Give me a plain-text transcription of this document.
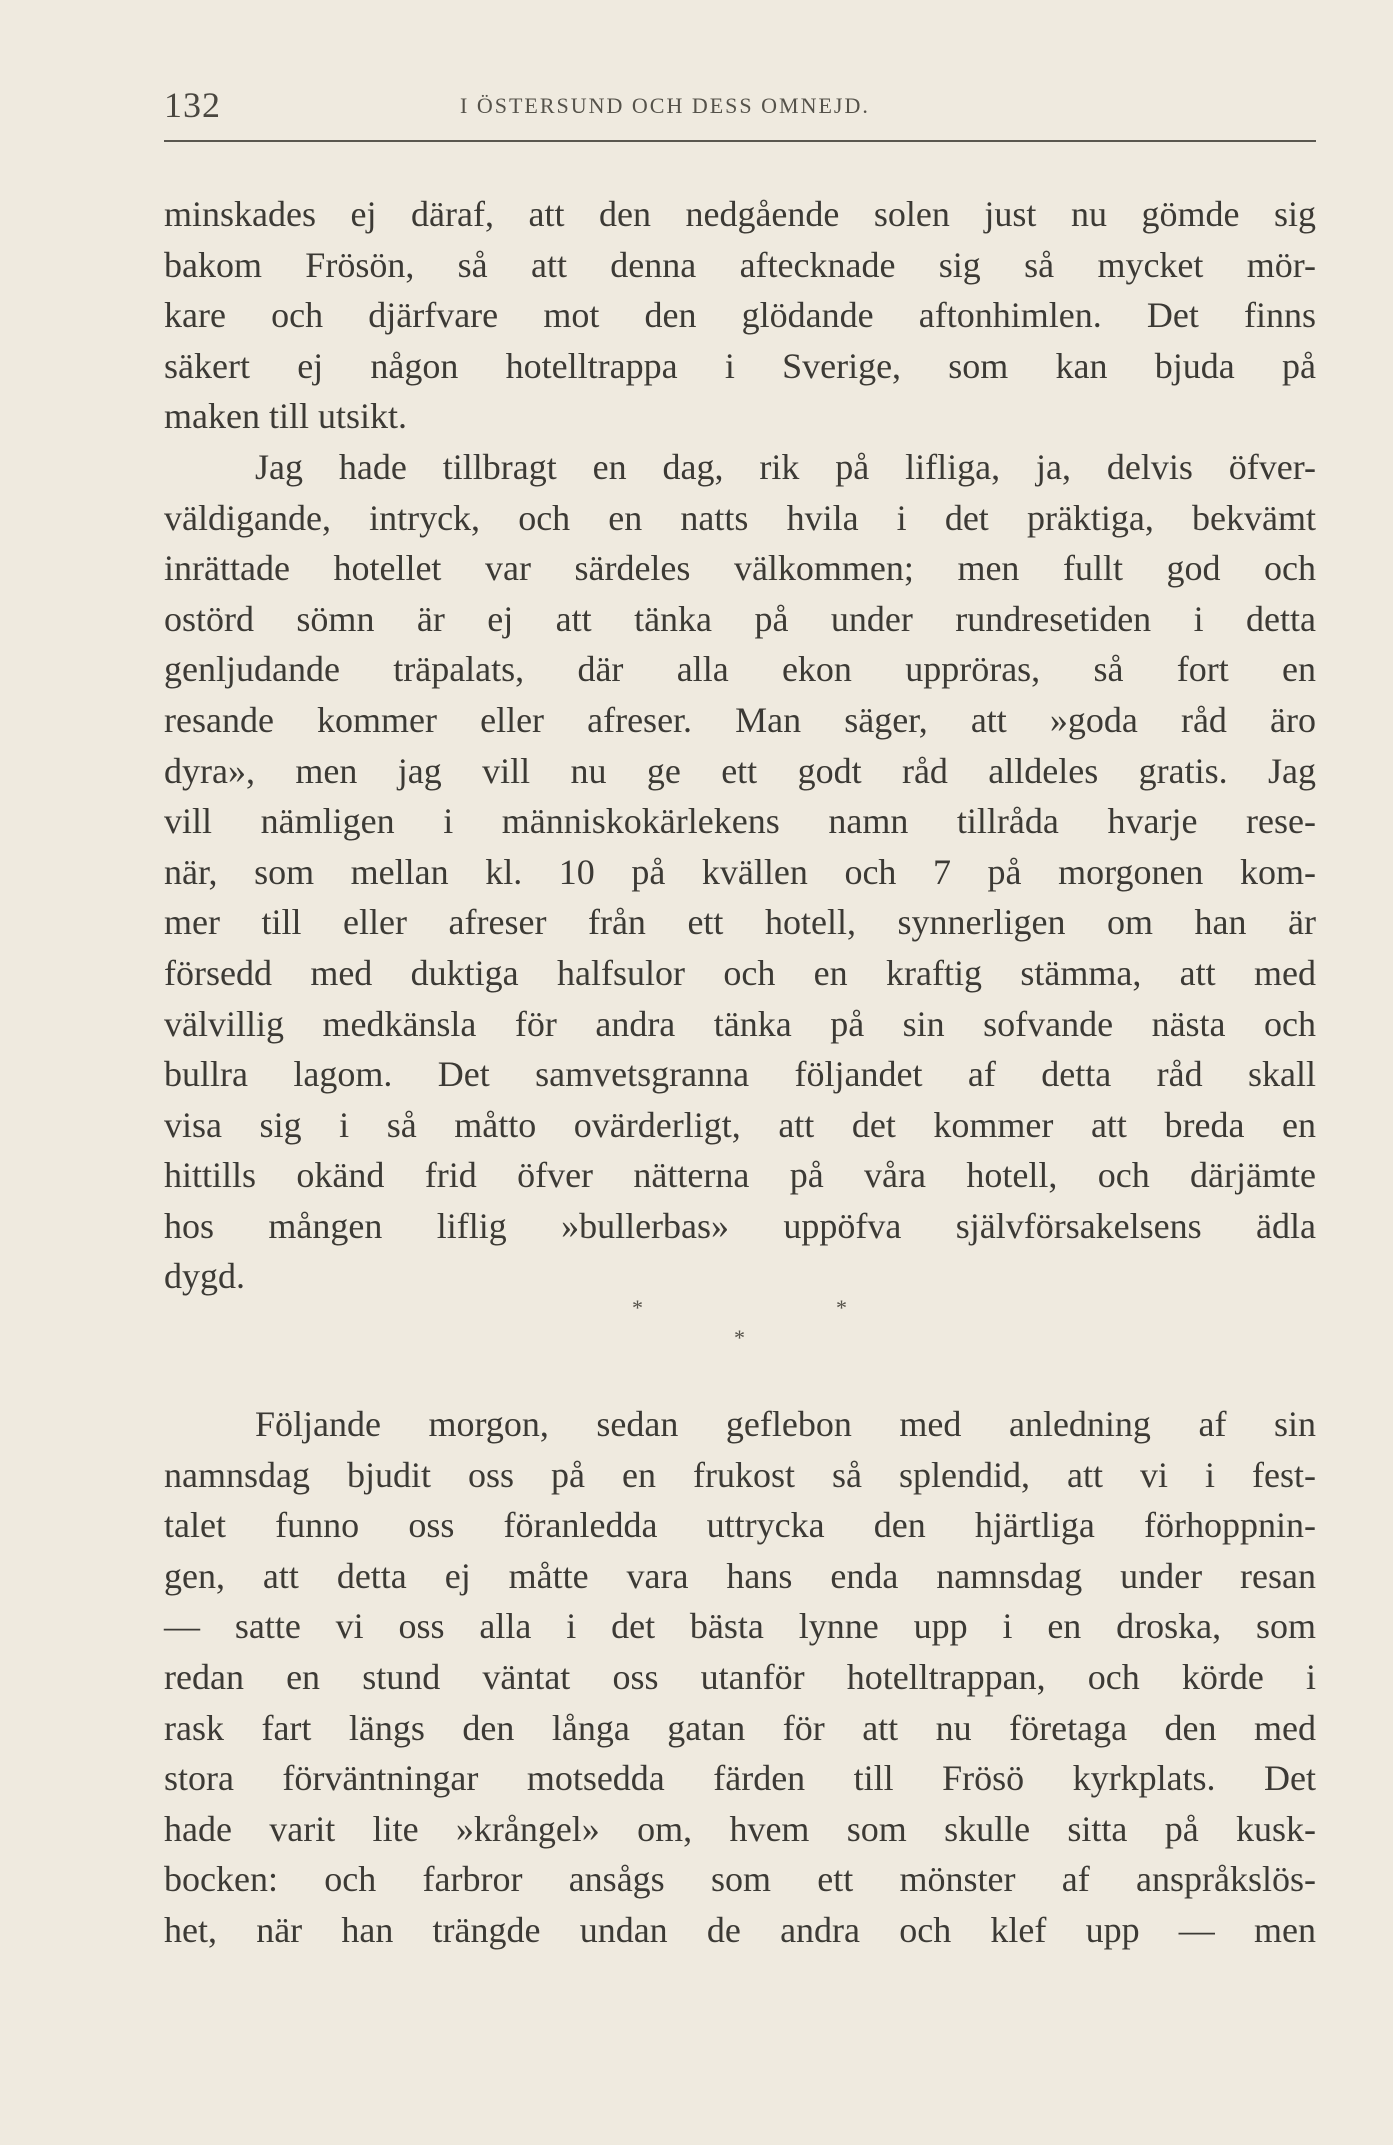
132	I ÖSTERSUND OCH DESS OMNEJD.
minskades ej däraf, att den nedgående solen just nu gömde sig
bakom Frösön, så att denna aftecknade sig så mycket mör-
kare och djärfvare mot den glödande aftonhimlen. Det finns
säkert ej någon hotelltrappa i Sverige, som kan bjuda på
maken till utsikt.
Jag hade tillbragt en dag, rik på lifliga, ja, delvis öfver-
väldigande, intryck, och en natts hvila i det präktiga, bekvämt
inrättade hotellet var särdeles välkommen; men fullt god och
ostörd sömn är ej att tänka på under rundresetiden i detta
genljudande träpalats, där alla ekon uppröras, så fort en
resande kommer eller afreser. Man säger, att »goda råd äro
dyra», men jag vill nu ge ett godt råd alldeles gratis. Jag
vill nämligen i människokärlekens namn tillråda hvarje rese-
när, som mellan kl. 10 på kvällen och 7 på morgonen kom-
mer till eller afreser från ett hotell, synnerligen om han är
försedd med duktiga halfsulor och en kraftig stämma, att med
välvillig medkänsla för andra tänka på sin sofvande nästa och
bullra lagom. Det samvetsgranna följandet af detta råd skall
visa sig i så måtto ovärderligt, att det kommer att breda en
hittills okänd frid öfver nätterna på våra hotell, och därjämte
hos mången liflig »bullerbas» uppöfva självförsakelsens ädla
dygd.
*	*
*
Följande morgon, sedan geflebon med anledning af sin
namnsdag bjudit oss på en frukost så splendid, att vi i fest-
talet funno oss föranledda uttrycka den hjärtliga förhoppnin-
gen, att detta ej måtte vara hans enda namnsdag under resan
— satte vi oss alla i det bästa lynne upp i en droska, som
redan en stund väntat oss utanför hotelltrappan, och körde i
rask fart längs den långa gatan för att nu företaga den med
stora förväntningar motsedda färden till Frösö kyrkplats. Det
hade varit lite »krångel» om, hvem som skulle sitta på kusk-
bocken: och farbror ansågs som ett mönster af anspråkslös-
het, när han trängde undan de andra och klef upp — men
